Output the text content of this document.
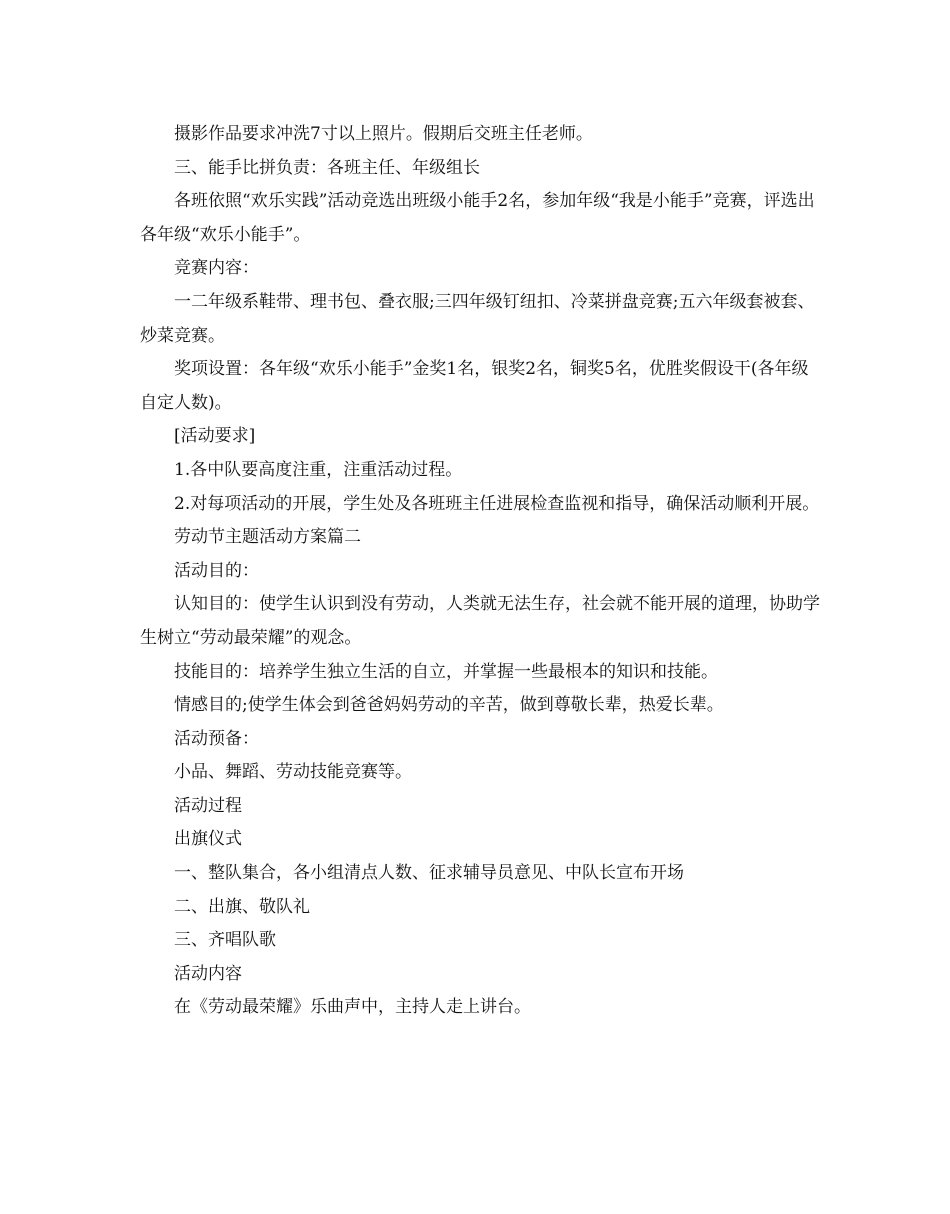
摄影作品要求冲洗7寸以上照片。假期后交班主任老师。

三、能手比拼负责：各班主任、年级组长

各班依照“欢乐实践”活动竞选出班级小能手2名，参加年级“我是小能手”竞赛，评选出各年级“欢乐小能手”。

竞赛内容：

一二年级系鞋带、理书包、叠衣服;三四年级钉纽扣、冷菜拼盘竞赛;五六年级套被套、炒菜竞赛。

奖项设置：各年级“欢乐小能手”金奖1名，银奖2名，铜奖5名，优胜奖假设干(各年级自定人数)。

[活动要求]

1.各中队要高度注重，注重活动过程。

2.对每项活动的开展，学生处及各班班主任进展检查监视和指导，确保活动顺利开展。

劳动节主题活动方案篇二

活动目的：

认知目的：使学生认识到没有劳动，人类就无法生存，社会就不能开展的道理，协助学生树立“劳动最荣耀”的观念。

技能目的：培养学生独立生活的自立，并掌握一些最根本的知识和技能。

情感目的;使学生体会到爸爸妈妈劳动的辛苦，做到尊敬长辈，热爱长辈。

活动预备：

小品、舞蹈、劳动技能竞赛等。

活动过程

出旗仪式

一、整队集合，各小组清点人数、征求辅导员意见、中队长宣布开场

二、出旗、敬队礼

三、齐唱队歌

活动内容

在《劳动最荣耀》乐曲声中，主持人走上讲台。
